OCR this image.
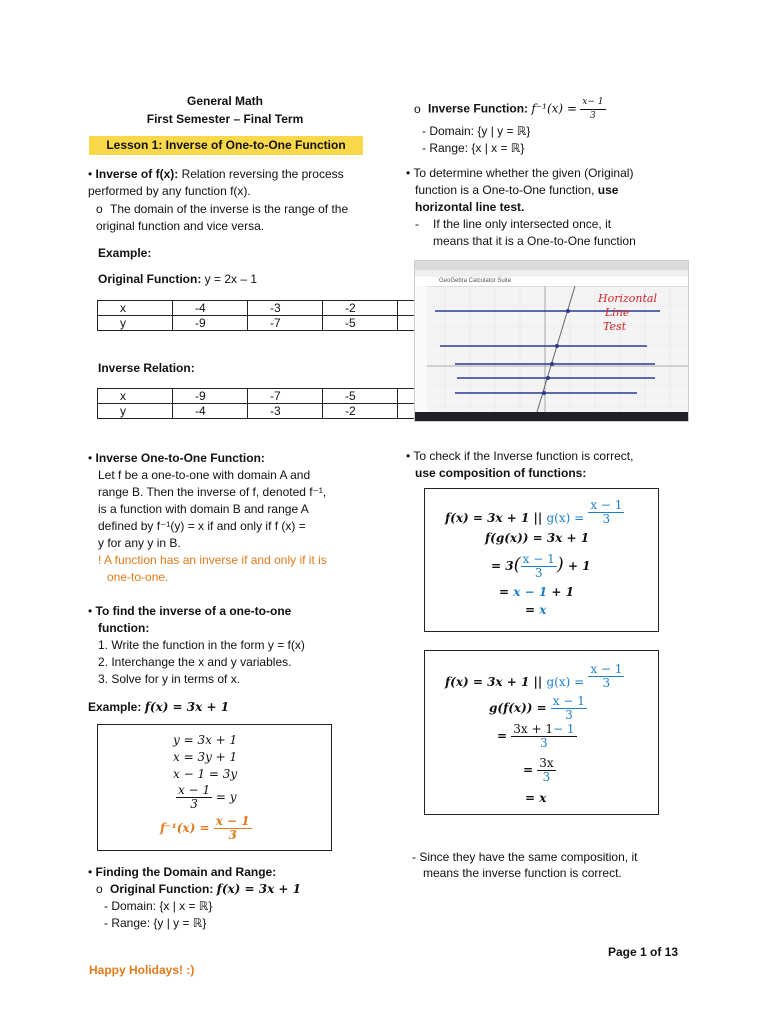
General Math
First Semester – Final Term
Lesson 1: Inverse of One-to-One Function
• Inverse of f(x): Relation reversing the process performed by any function f(x).
o The domain of the inverse is the range of the original function and vice versa.
Example:
Original Function: y = 2x – 1
x	-4	-3	-2	
y	-9	-7	-5	
Inverse Relation:
x	-9	-7	-5	
y	-4	-3	-2	
• Inverse One-to-One Function:
Let f be a one-to-one with domain A and
range B. Then the inverse of f, denoted f⁻¹,
is a function with domain B and range A
defined by f⁻¹(y) = x if and only if f (x) =
y for any y in B.
! A function has an inverse if and only if it is
one-to-one.
• To find the inverse of a one-to-one
function:
1. Write the function in the form y = f(x)
2. Interchange the x and y variables.
3. Solve for y in terms of x.
Example: f(x) = 3x + 1
y = 3x + 1
x = 3y + 1
x − 1 = 3y
$\frac{x - 1}{3} = y$
$f^{-1}(x) = \frac{x - 1}{3}$
• Finding the Domain and Range:
o Original Function: f(x) = 3x + 1
- Domain: {x | x = ℝ}
- Range: {y | y = ℝ}
o Inverse Function: $f^{-1}(x) = \frac{x- 1}{3}$
- Domain: {y | y = ℝ}
- Range: {x | x = ℝ}
• To determine whether the given (Original)
function is a One-to-One function, use
horizontal line test.
- If the line only intersected once, it
means that it is a One-to-One function
GeoGebra Calculator Suite
Horizontal
Line
Test
• To check if the Inverse function is correct,
use composition of functions:
f(x) = 3x + 1 || $g(x) = \frac{x - 1}{3}$
f(g(x)) = 3x + 1
= $3( \frac{x - 1}{3}$ ) + 1
= x − 1 + 1
= x
f(x) = 3x + 1 || $g(x) = \frac{x - 1}{3}$
$g(f(x)) = \frac{x - 1}{3}$
= $\frac{3x + 1- 1}{3}$
= $\frac{3x}{3}$
= x
- Since they have the same composition, it
means the inverse function is correct.
Page 1 of 13
Happy Holidays! :)
